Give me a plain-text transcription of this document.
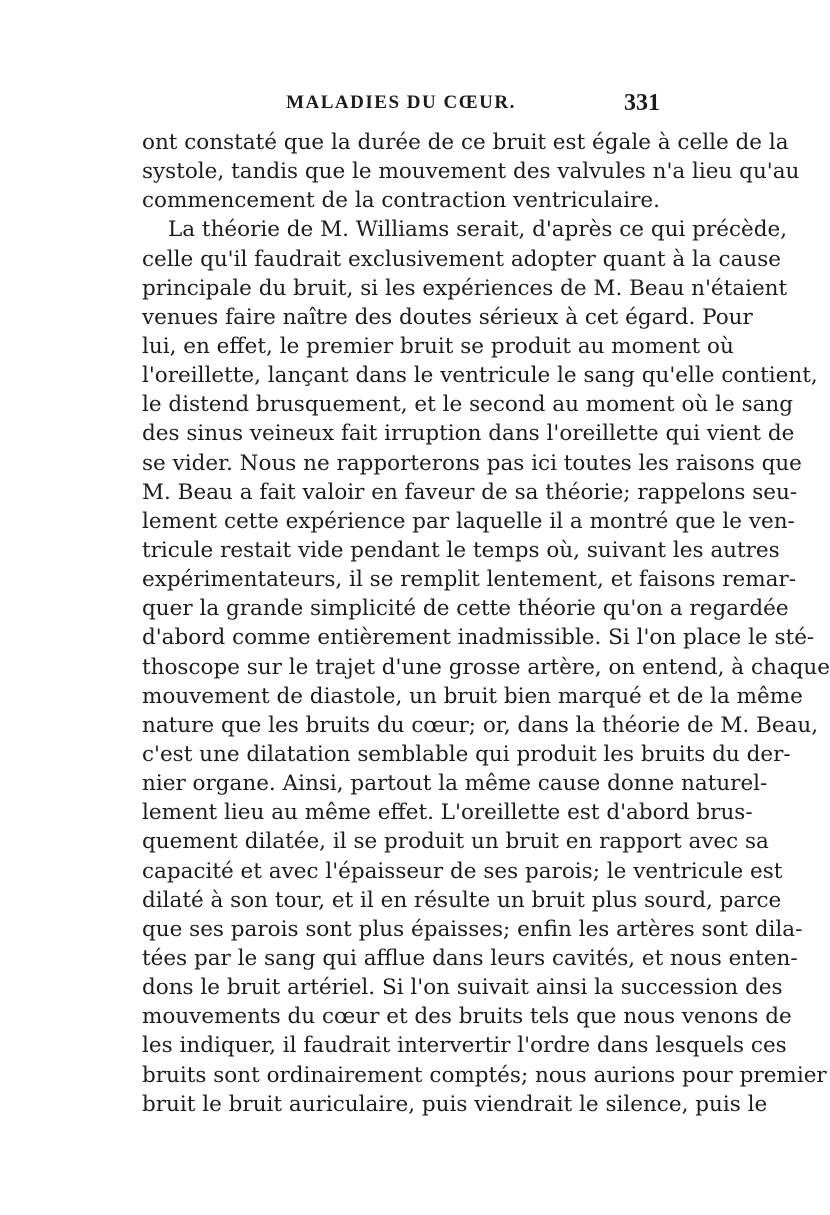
MALADIES DU CŒUR.	331
ont constaté que la durée de ce bruit est égale à celle de la
systole, tandis que le mouvement des valvules n'a lieu qu'au
commencement de la contraction ventriculaire.
La théorie de M. Williams serait, d'après ce qui précède,
celle qu'il faudrait exclusivement adopter quant à la cause
principale du bruit, si les expériences de M. Beau n'étaient
venues faire naître des doutes sérieux à cet égard. Pour
lui, en effet, le premier bruit se produit au moment où
l'oreillette, lançant dans le ventricule le sang qu'elle contient,
le distend brusquement, et le second au moment où le sang
des sinus veineux fait irruption dans l'oreillette qui vient de
se vider. Nous ne rapporterons pas ici toutes les raisons que
M. Beau a fait valoir en faveur de sa théorie; rappelons seu-
lement cette expérience par laquelle il a montré que le ven-
tricule restait vide pendant le temps où, suivant les autres
expérimentateurs, il se remplit lentement, et faisons remar-
quer la grande simplicité de cette théorie qu'on a regardée
d'abord comme entièrement inadmissible. Si l'on place le sté-
thoscope sur le trajet d'une grosse artère, on entend, à chaque
mouvement de diastole, un bruit bien marqué et de la même
nature que les bruits du cœur; or, dans la théorie de M. Beau,
c'est une dilatation semblable qui produit les bruits du der-
nier organe. Ainsi, partout la même cause donne naturel-
lement lieu au même effet. L'oreillette est d'abord brus-
quement dilatée, il se produit un bruit en rapport avec sa
capacité et avec l'épaisseur de ses parois; le ventricule est
dilaté à son tour, et il en résulte un bruit plus sourd, parce
que ses parois sont plus épaisses; enfin les artères sont dila-
tées par le sang qui afflue dans leurs cavités, et nous enten-
dons le bruit artériel. Si l'on suivait ainsi la succession des
mouvements du cœur et des bruits tels que nous venons de
les indiquer, il faudrait intervertir l'ordre dans lesquels ces
bruits sont ordinairement comptés; nous aurions pour premier
bruit le bruit auriculaire, puis viendrait le silence, puis le
